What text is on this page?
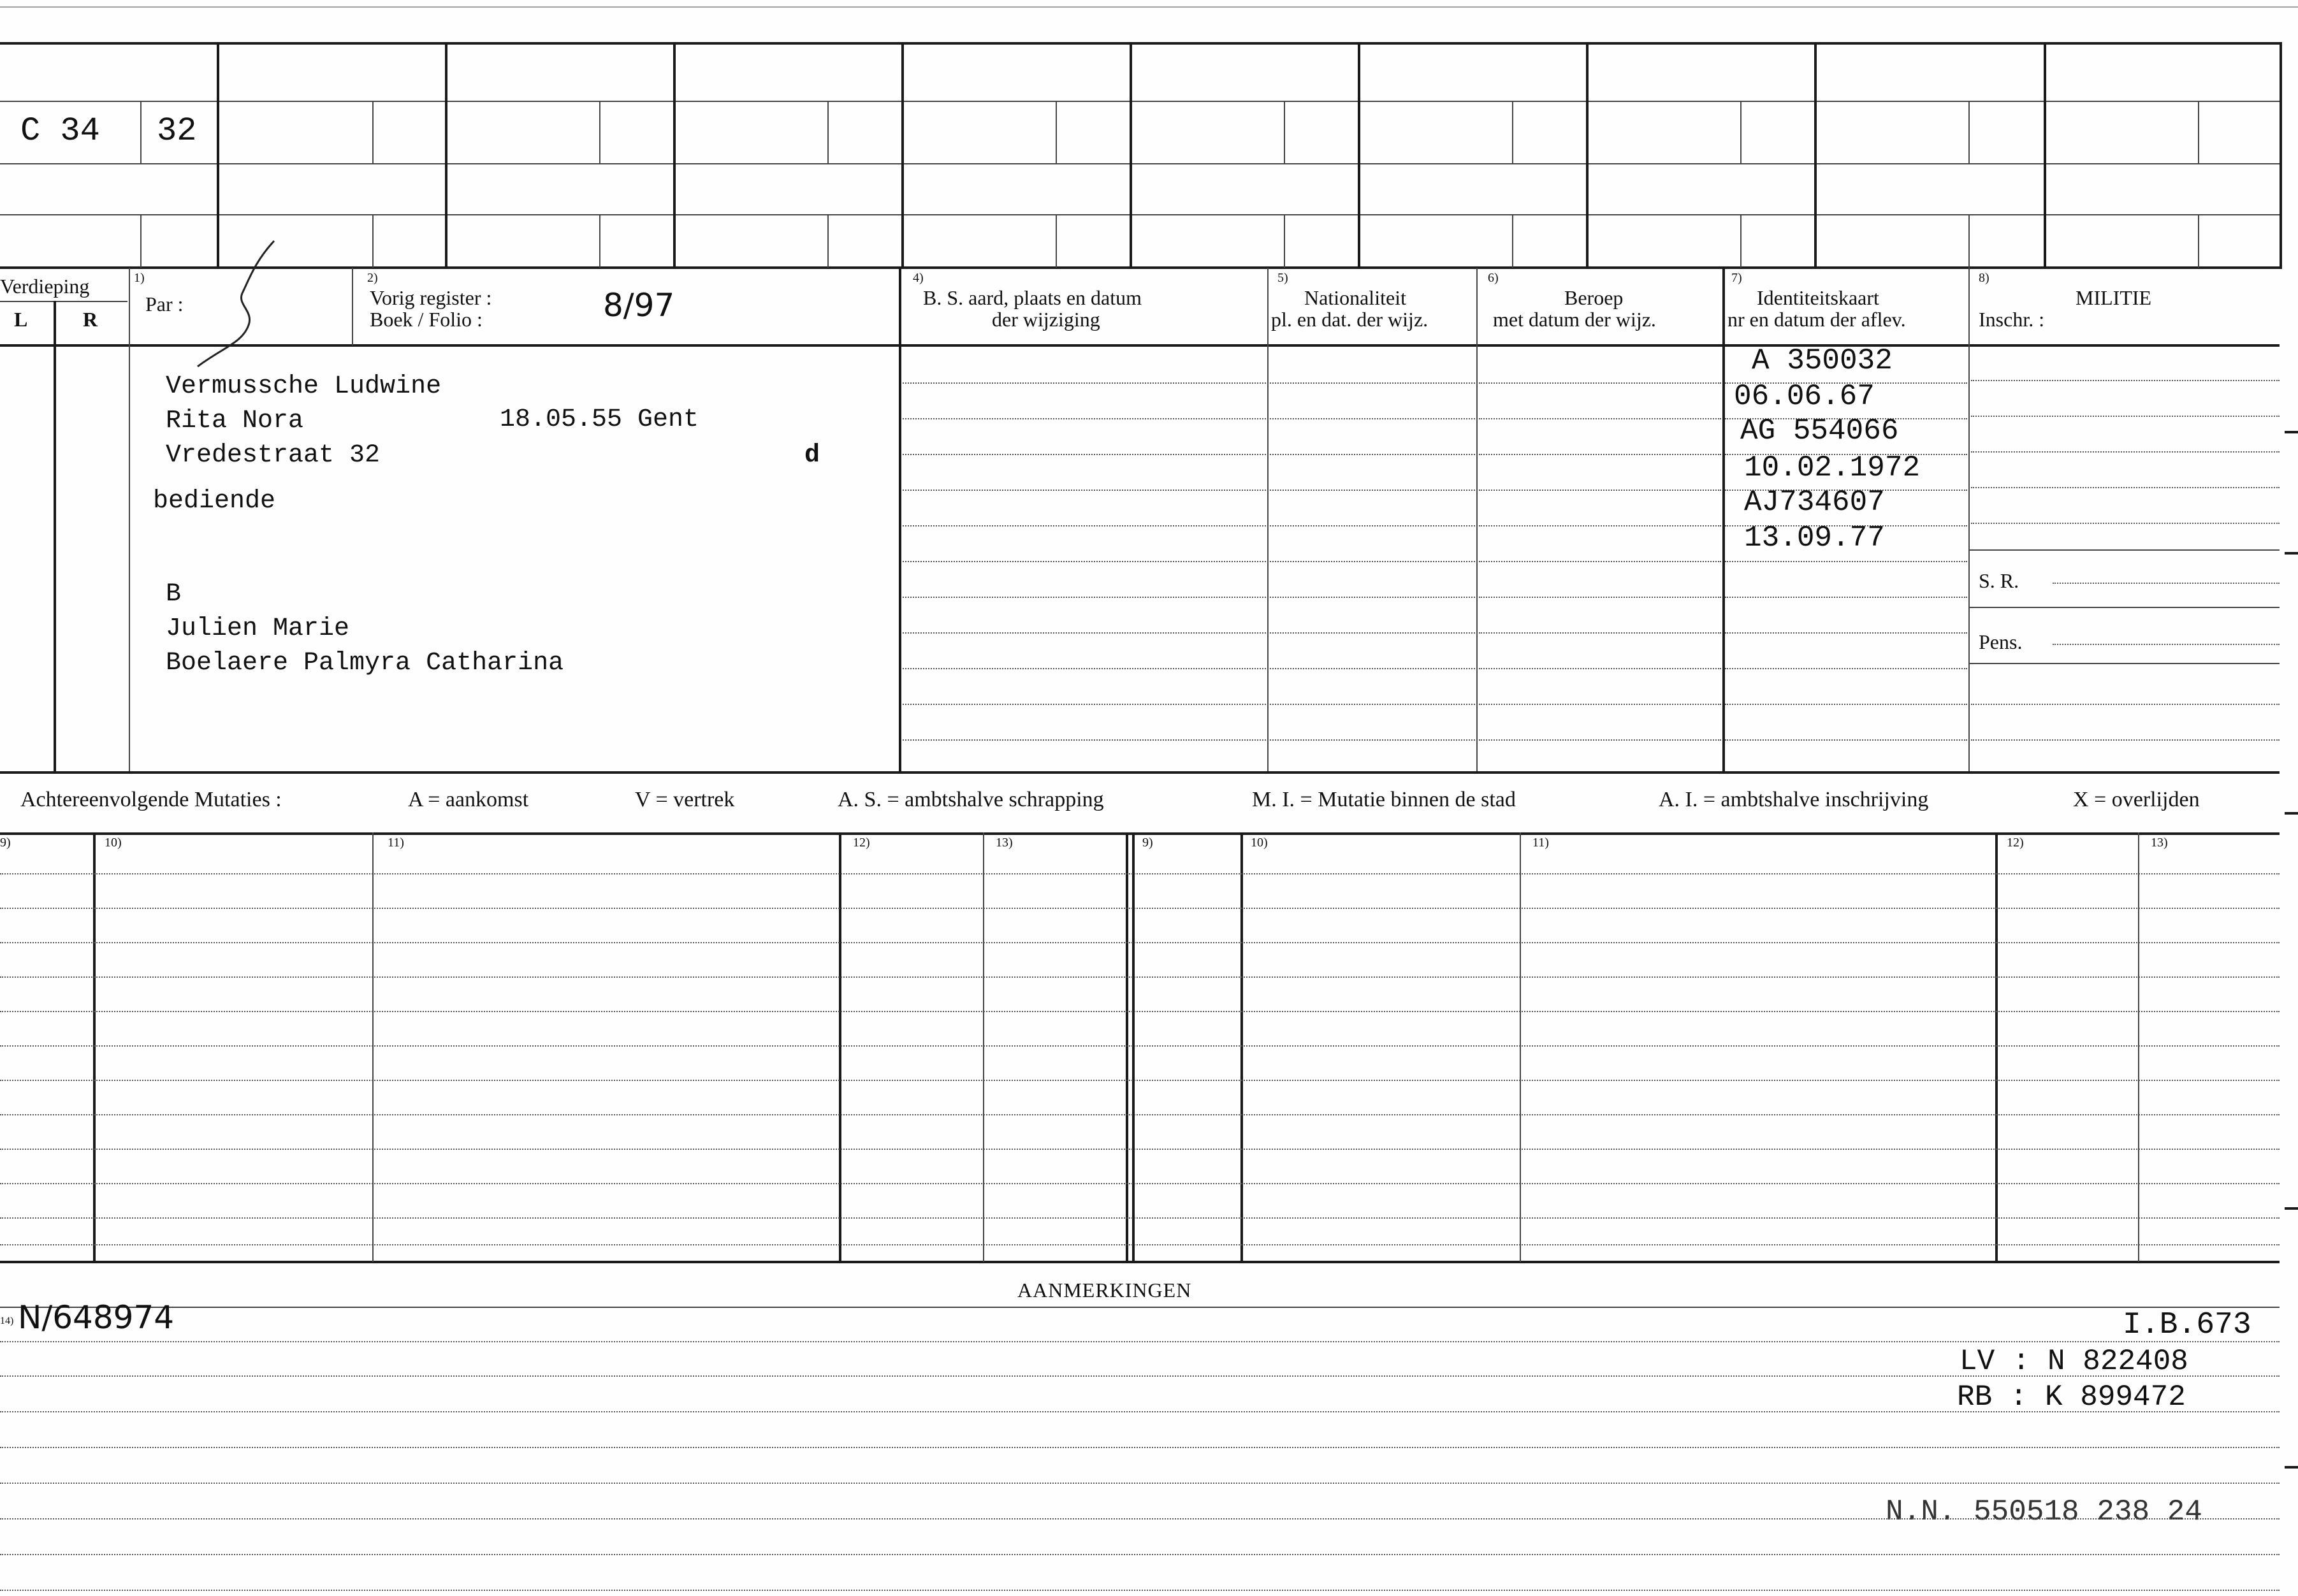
C 34 32
Verdieping
L	R
1)
Par :
2)
Vorig register :
Boek / Folio :	8/97
4)
B. S. aard, plaats en datum
der wijziging
5)
Nationaliteit
pl. en dat. der wijz.
6)
Beroep
met datum der wijz.
7)
Identiteitskaart
nr en datum der aflev.
8)
MILITIE
Inschr. :
S. R.
Pens.
Vermussche Ludwine
Rita Nora	18.05.55 Gent
Vredestraat 32	d
bediende
B
Julien Marie
Boelaere Palmyra Catharina
A 350032
06.06.67
AG 554066
10.02.1972
AJ734607
13.09.77
Achtereenvolgende Mutaties :	A = aankomst	V = vertrek	A. S. = ambtshalve schrapping	M. I. = Mutatie binnen de stad	A. I. = ambtshalve inschrijving	X = overlijden
9)	10)	11)	12)	13)	9)	10)	11)	12)	13)
AANMERKINGEN
14) N/648974	I.B.673
LV : N 822408
RB : K 899472
N.N. 550518 238 24
